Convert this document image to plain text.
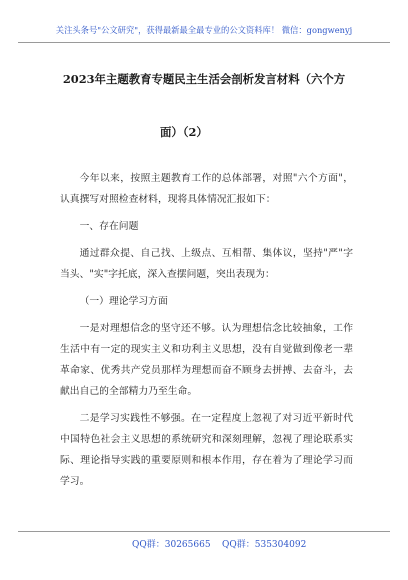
关注头条号"公文研究"，获得最新最全最专业的公文资料库！ 微信：gongwenyj
2023年主题教育专题民主生活会剖析发言材料（六个方
面）（2）

今年以来，按照主题教育工作的总体部署，对照"六个方面"，认真撰写对照检查材料，现将具体情况汇报如下：

一、存在问题

通过群众提、自己找、上级点、互相帮、集体议，坚持"严"字当头、"实"字托底，深入查摆问题，突出表现为：

（一）理论学习方面

一是对理想信念的坚守还不够。认为理想信念比较抽象，工作生活中有一定的现实主义和功利主义思想，没有自觉做到像老一辈革命家、优秀共产党员那样为理想而奋不顾身去拼搏、去奋斗，去献出自己的全部精力乃至生命。

二是学习实践性不够强。在一定程度上忽视了对习近平新时代中国特色社会主义思想的系统研究和深刻理解，忽视了理论联系实际、理论指导实践的重要原则和根本作用，存在着为了理论学习而学习。

QQ群：30265665 QQ群：535304092
